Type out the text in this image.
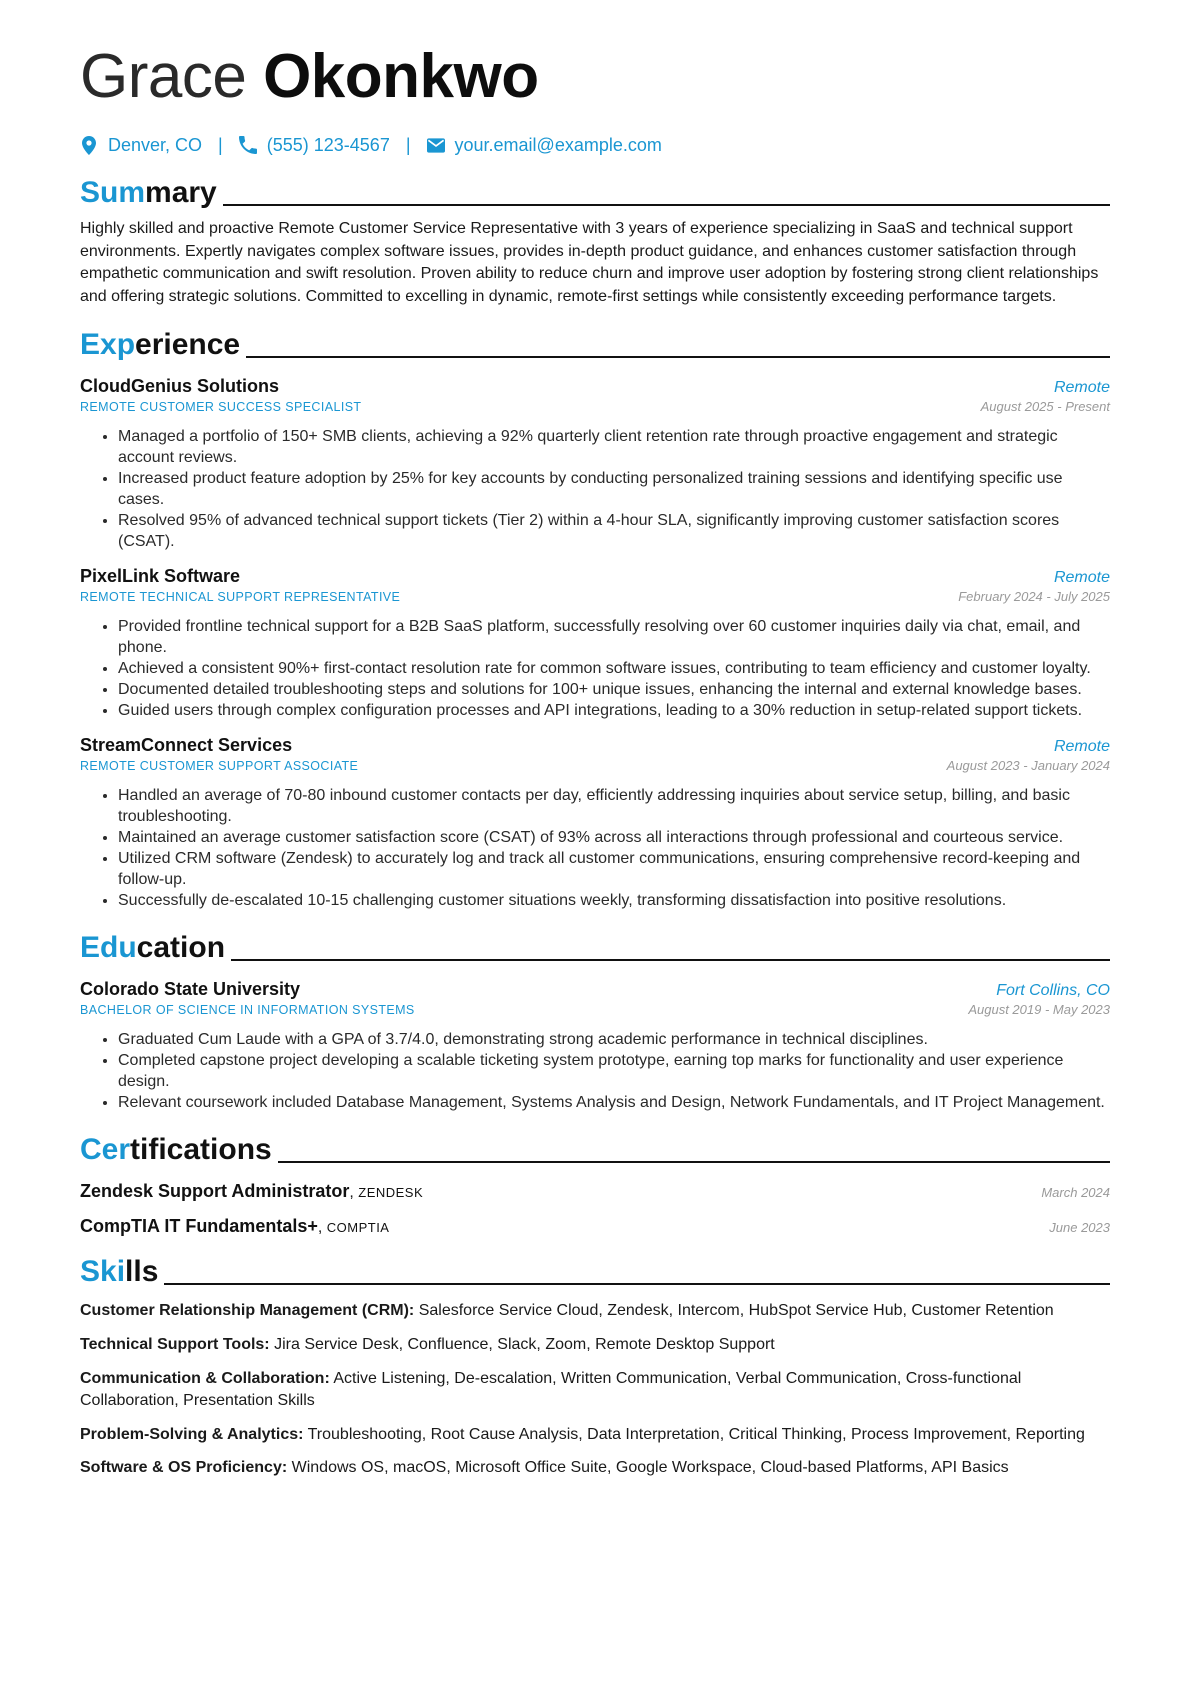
Grace Okonkwo
Denver, CO | (555) 123-4567 | your.email@example.com
Summary
Highly skilled and proactive Remote Customer Service Representative with 3 years of experience specializing in SaaS and technical support environments. Expertly navigates complex software issues, provides in-depth product guidance, and enhances customer satisfaction through empathetic communication and swift resolution. Proven ability to reduce churn and improve user adoption by fostering strong client relationships and offering strategic solutions. Committed to excelling in dynamic, remote-first settings while consistently exceeding performance targets.
Experience
CloudGenius Solutions	Remote
REMOTE CUSTOMER SUCCESS SPECIALIST	August 2025 - Present
• Managed a portfolio of 150+ SMB clients, achieving a 92% quarterly client retention rate through proactive engagement and strategic account reviews.
• Increased product feature adoption by 25% for key accounts by conducting personalized training sessions and identifying specific use cases.
• Resolved 95% of advanced technical support tickets (Tier 2) within a 4-hour SLA, significantly improving customer satisfaction scores (CSAT).
PixelLink Software	Remote
REMOTE TECHNICAL SUPPORT REPRESENTATIVE	February 2024 - July 2025
• Provided frontline technical support for a B2B SaaS platform, successfully resolving over 60 customer inquiries daily via chat, email, and phone.
• Achieved a consistent 90%+ first-contact resolution rate for common software issues, contributing to team efficiency and customer loyalty.
• Documented detailed troubleshooting steps and solutions for 100+ unique issues, enhancing the internal and external knowledge bases.
• Guided users through complex configuration processes and API integrations, leading to a 30% reduction in setup-related support tickets.
StreamConnect Services	Remote
REMOTE CUSTOMER SUPPORT ASSOCIATE	August 2023 - January 2024
• Handled an average of 70-80 inbound customer contacts per day, efficiently addressing inquiries about service setup, billing, and basic troubleshooting.
• Maintained an average customer satisfaction score (CSAT) of 93% across all interactions through professional and courteous service.
• Utilized CRM software (Zendesk) to accurately log and track all customer communications, ensuring comprehensive record-keeping and follow-up.
• Successfully de-escalated 10-15 challenging customer situations weekly, transforming dissatisfaction into positive resolutions.
Education
Colorado State University	Fort Collins, CO
BACHELOR OF SCIENCE IN INFORMATION SYSTEMS	August 2019 - May 2023
• Graduated Cum Laude with a GPA of 3.7/4.0, demonstrating strong academic performance in technical disciplines.
• Completed capstone project developing a scalable ticketing system prototype, earning top marks for functionality and user experience design.
• Relevant coursework included Database Management, Systems Analysis and Design, Network Fundamentals, and IT Project Management.
Certifications
Zendesk Support Administrator, ZENDESK	March 2024
CompTIA IT Fundamentals+, COMPTIA	June 2023
Skills
Customer Relationship Management (CRM): Salesforce Service Cloud, Zendesk, Intercom, HubSpot Service Hub, Customer Retention
Technical Support Tools: Jira Service Desk, Confluence, Slack, Zoom, Remote Desktop Support
Communication & Collaboration: Active Listening, De-escalation, Written Communication, Verbal Communication, Cross-functional Collaboration, Presentation Skills
Problem-Solving & Analytics: Troubleshooting, Root Cause Analysis, Data Interpretation, Critical Thinking, Process Improvement, Reporting
Software & OS Proficiency: Windows OS, macOS, Microsoft Office Suite, Google Workspace, Cloud-based Platforms, API Basics
